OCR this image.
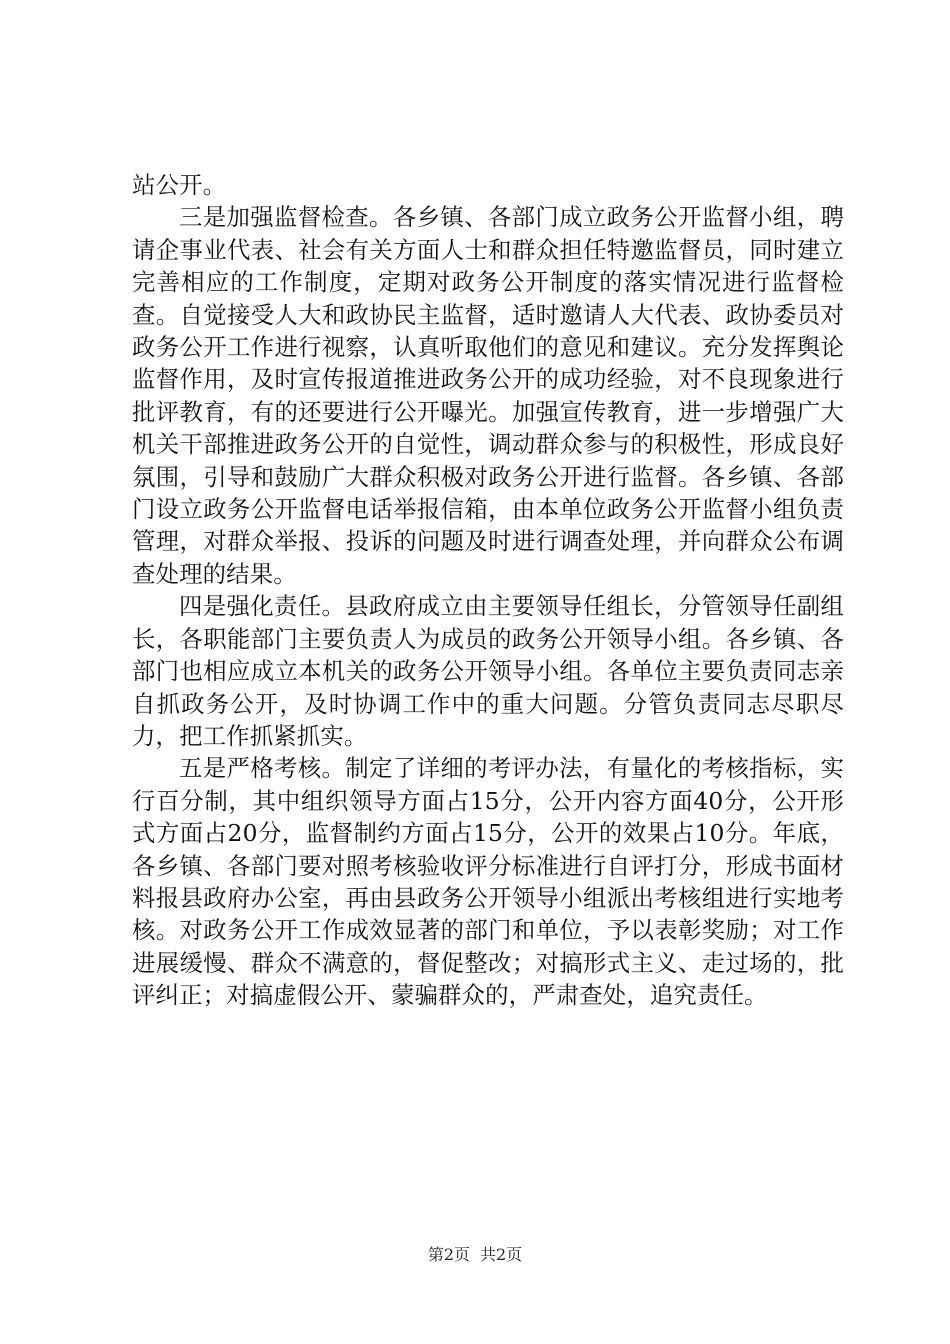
站公开。

三是加强监督检查。各乡镇、各部门成立政务公开监督小组，聘请企事业代表、社会有关方面人士和群众担任特邀监督员，同时建立完善相应的工作制度，定期对政务公开制度的落实情况进行监督检查。自觉接受人大和政协民主监督，适时邀请人大代表、政协委员对政务公开工作进行视察，认真听取他们的意见和建议。充分发挥舆论监督作用，及时宣传报道推进政务公开的成功经验，对不良现象进行批评教育，有的还要进行公开曝光。加强宣传教育，进一步增强广大机关干部推进政务公开的自觉性，调动群众参与的积极性，形成良好氛围，引导和鼓励广大群众积极对政务公开进行监督。各乡镇、各部门设立政务公开监督电话举报信箱，由本单位政务公开监督小组负责管理，对群众举报、投诉的问题及时进行调查处理，并向群众公布调查处理的结果。

四是强化责任。县政府成立由主要领导任组长，分管领导任副组长，各职能部门主要负责人为成员的政务公开领导小组。各乡镇、各部门也相应成立本机关的政务公开领导小组。各单位主要负责同志亲自抓政务公开，及时协调工作中的重大问题。分管负责同志尽职尽力，把工作抓紧抓实。

五是严格考核。制定了详细的考评办法，有量化的考核指标，实行百分制，其中组织领导方面占15分，公开内容方面40分，公开形式方面占20分，监督制约方面占15分，公开的效果占10分。年底，各乡镇、各部门要对照考核验收评分标准进行自评打分，形成书面材料报县政府办公室，再由县政务公开领导小组派出考核组进行实地考核。对政务公开工作成效显著的部门和单位，予以表彰奖励；对工作进展缓慢、群众不满意的，督促整改；对搞形式主义、走过场的，批评纠正；对搞虚假公开、蒙骗群众的，严肃查处，追究责任。

第2页 共2页
